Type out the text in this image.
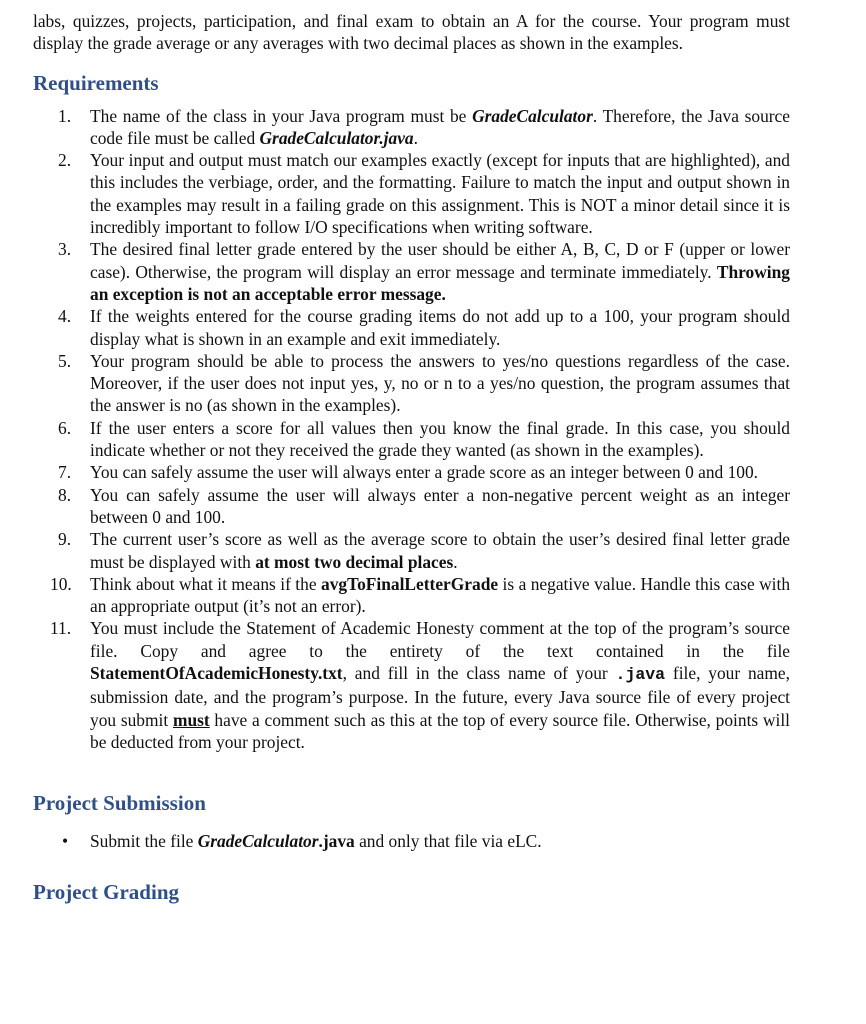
labs, quizzes, projects, participation, and final exam to obtain an A for the course. Your program must display the grade average or any averages with two decimal places as shown in the examples.

Requirements
1.	The name of the class in your Java program must be GradeCalculator. Therefore, the Java source code file must be called GradeCalculator.java.
2.	Your input and output must match our examples exactly (except for inputs that are highlighted), and this includes the verbiage, order, and the formatting. Failure to match the input and output shown in the examples may result in a failing grade on this assignment. This is NOT a minor detail since it is incredibly important to follow I/O specifications when writing software.
3.	The desired final letter grade entered by the user should be either A, B, C, D or F (upper or lower case). Otherwise, the program will display an error message and terminate immediately. Throwing an exception is not an acceptable error message.
4.	If the weights entered for the course grading items do not add up to a 100, your program should display what is shown in an example and exit immediately.
5.	Your program should be able to process the answers to yes/no questions regardless of the case. Moreover, if the user does not input yes, y, no or n to a yes/no question, the program assumes that the answer is no (as shown in the examples).
6.	If the user enters a score for all values then you know the final grade. In this case, you should indicate whether or not they received the grade they wanted (as shown in the examples).
7.	You can safely assume the user will always enter a grade score as an integer between 0 and 100.
8.	You can safely assume the user will always enter a non-negative percent weight as an integer between 0 and 100.
9.	The current user’s score as well as the average score to obtain the user’s desired final letter grade must be displayed with at most two decimal places.
10.	Think about what it means if the avgToFinalLetterGrade is a negative value. Handle this case with an appropriate output (it’s not an error).
11.	You must include the Statement of Academic Honesty comment at the top of the program’s source file. Copy and agree to the entirety of the text contained in the file StatementOfAcademicHonesty.txt, and fill in the class name of your .java file, your name, submission date, and the program’s purpose. In the future, every Java source file of every project you submit must have a comment such as this at the top of every source file. Otherwise, points will be deducted from your project.
Project Submission
• Submit the file GradeCalculator.java and only that file via eLC.
Project Grading
